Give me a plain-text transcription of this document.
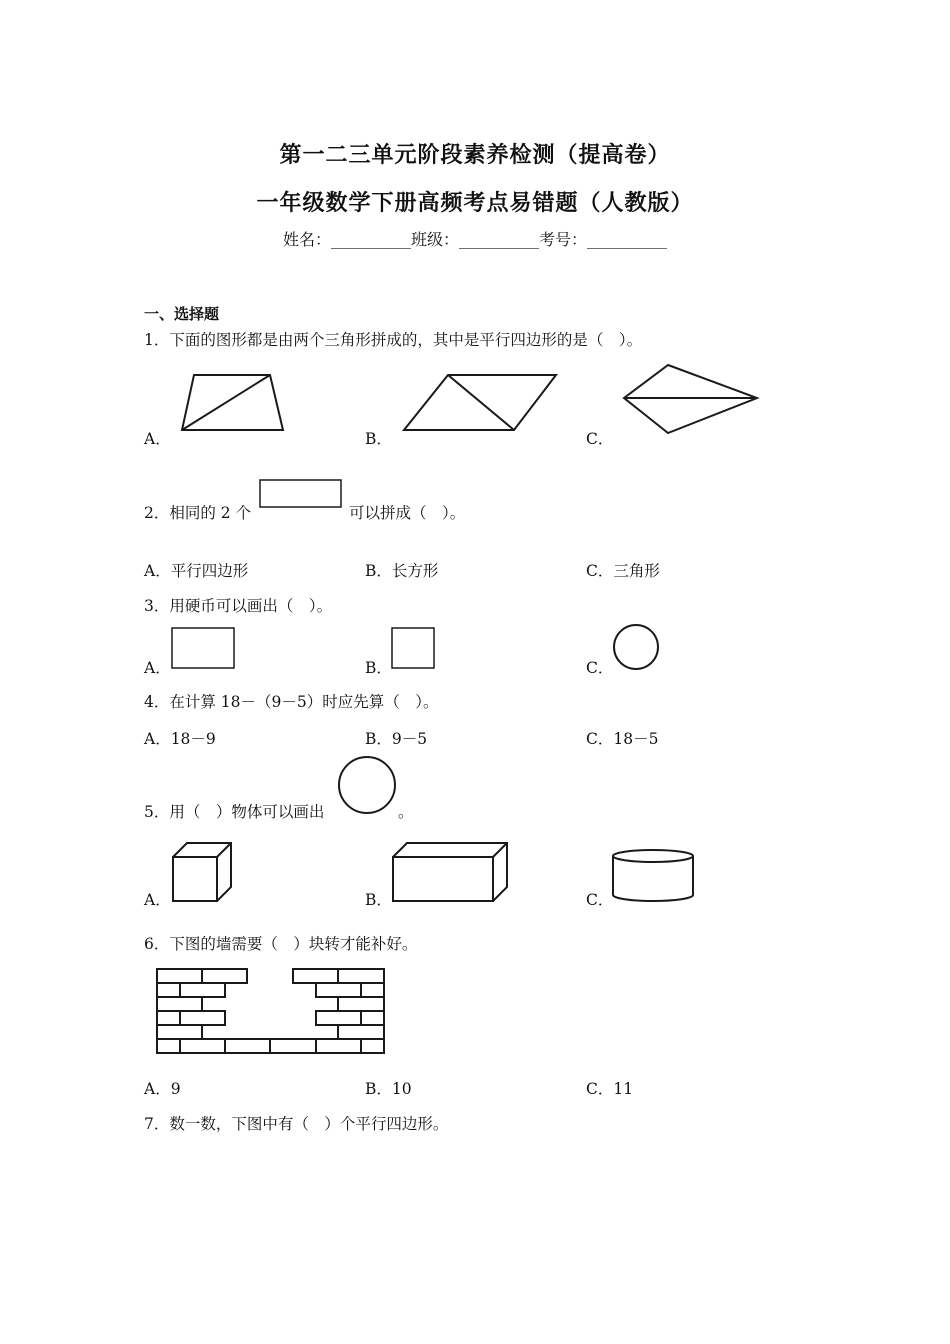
第一二三单元阶段素养检测（提高卷）
一年级数学下册高频考点易错题（人教版）
姓名：__________班级：__________考号：__________
一、选择题
1．下面的图形都是由两个三角形拼成的，其中是平行四边形的是（　）。
A．	B．	C．
2．相同的 2 个	可以拼成（　）。
A．平行四边形	B．长方形	C．三角形
3．用硬币可以画出（　）。
A．	B．	C．
4．在计算 18－（9－5）时应先算（　）。
A．18－9	B．9－5	C．18－5
5．用（　）物体可以画出	。
A．	B．	C．
6．下图的墙需要（　）块转才能补好。
A．9	B．10	C．11
7．数一数，下图中有（　）个平行四边形。
